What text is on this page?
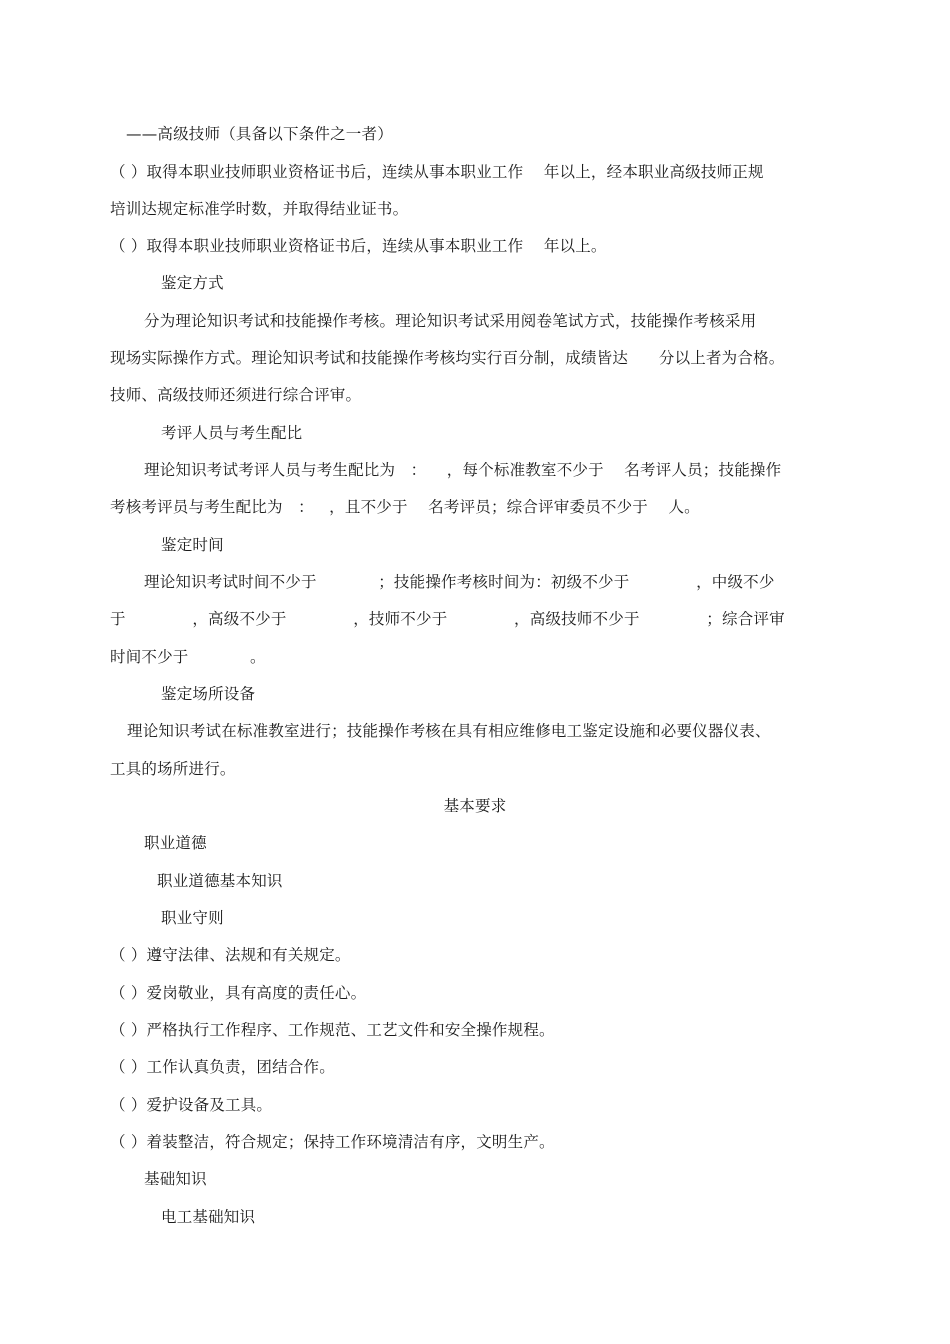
——高级技师（具备以下条件之一者）
（ ）取得本职业技师职业资格证书后，连续从事本职业工作    年以上，经本职业高级技师正规
培训达规定标准学时数，并取得结业证书。
（ ）取得本职业技师职业资格证书后，连续从事本职业工作    年以上。
鉴定方式
分为理论知识考试和技能操作考核。理论知识考试采用阅卷笔试方式，技能操作考核采用
现场实际操作方式。理论知识考试和技能操作考核均实行百分制，成绩皆达      分以上者为合格。
技师、高级技师还须进行综合评审。
考评人员与考生配比
理论知识考试考评人员与考生配比为   ：    ，每个标准教室不少于    名考评人员；技能操作
考核考评员与考生配比为   ：   ，且不少于    名考评员；综合评审委员不少于    人。
鉴定时间
理论知识考试时间不少于            ；技能操作考核时间为：初级不少于             ，中级不少
于             ，高级不少于             ，技师不少于             ，高级技师不少于             ；综合评审
时间不少于            。
鉴定场所设备
理论知识考试在标准教室进行；技能操作考核在具有相应维修电工鉴定设施和必要仪器仪表、
工具的场所进行。
基本要求
职业道德
职业道德基本知识
职业守则
（ ）遵守法律、法规和有关规定。
（ ）爱岗敬业，具有高度的责任心。
（ ）严格执行工作程序、工作规范、工艺文件和安全操作规程。
（ ）工作认真负责，团结合作。
（ ）爱护设备及工具。
（ ）着装整洁，符合规定；保持工作环境清洁有序，文明生产。
基础知识
电工基础知识
